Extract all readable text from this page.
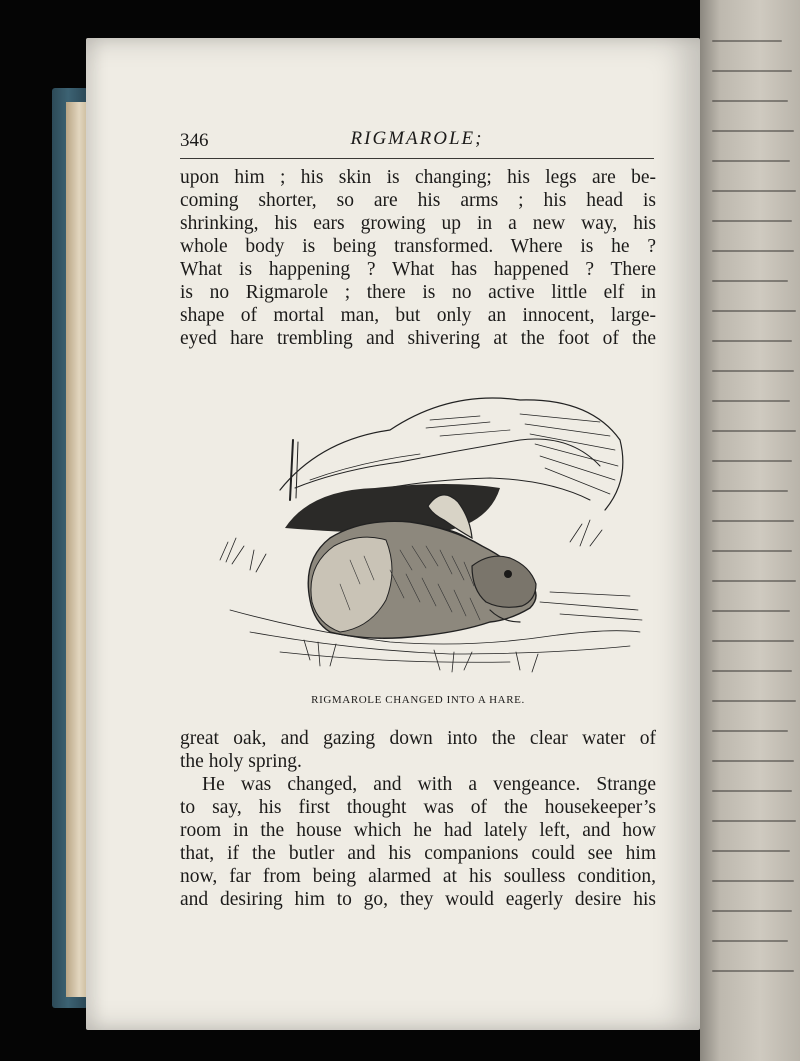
346	RIGMAROLE;

upon him ; his skin is changing; his legs are be-
coming shorter, so are his arms ; his head is
shrinking, his ears growing up in a new way, his
whole body is being transformed. Where is he ?
What is happening ? What has happened ? There
is no Rigmarole ; there is no active little elf in
shape of mortal man, but only an innocent, large-
eyed hare trembling and shivering at the foot of the

RIGMAROLE CHANGED INTO A HARE.

great oak, and gazing down into the clear water of
the holy spring.
He was changed, and with a vengeance. Strange
to say, his first thought was of the housekeeper’s
room in the house which he had lately left, and how
that, if the butler and his companions could see him
now, far from being alarmed at his soulless condition,
and desiring him to go, they would eagerly desire his
